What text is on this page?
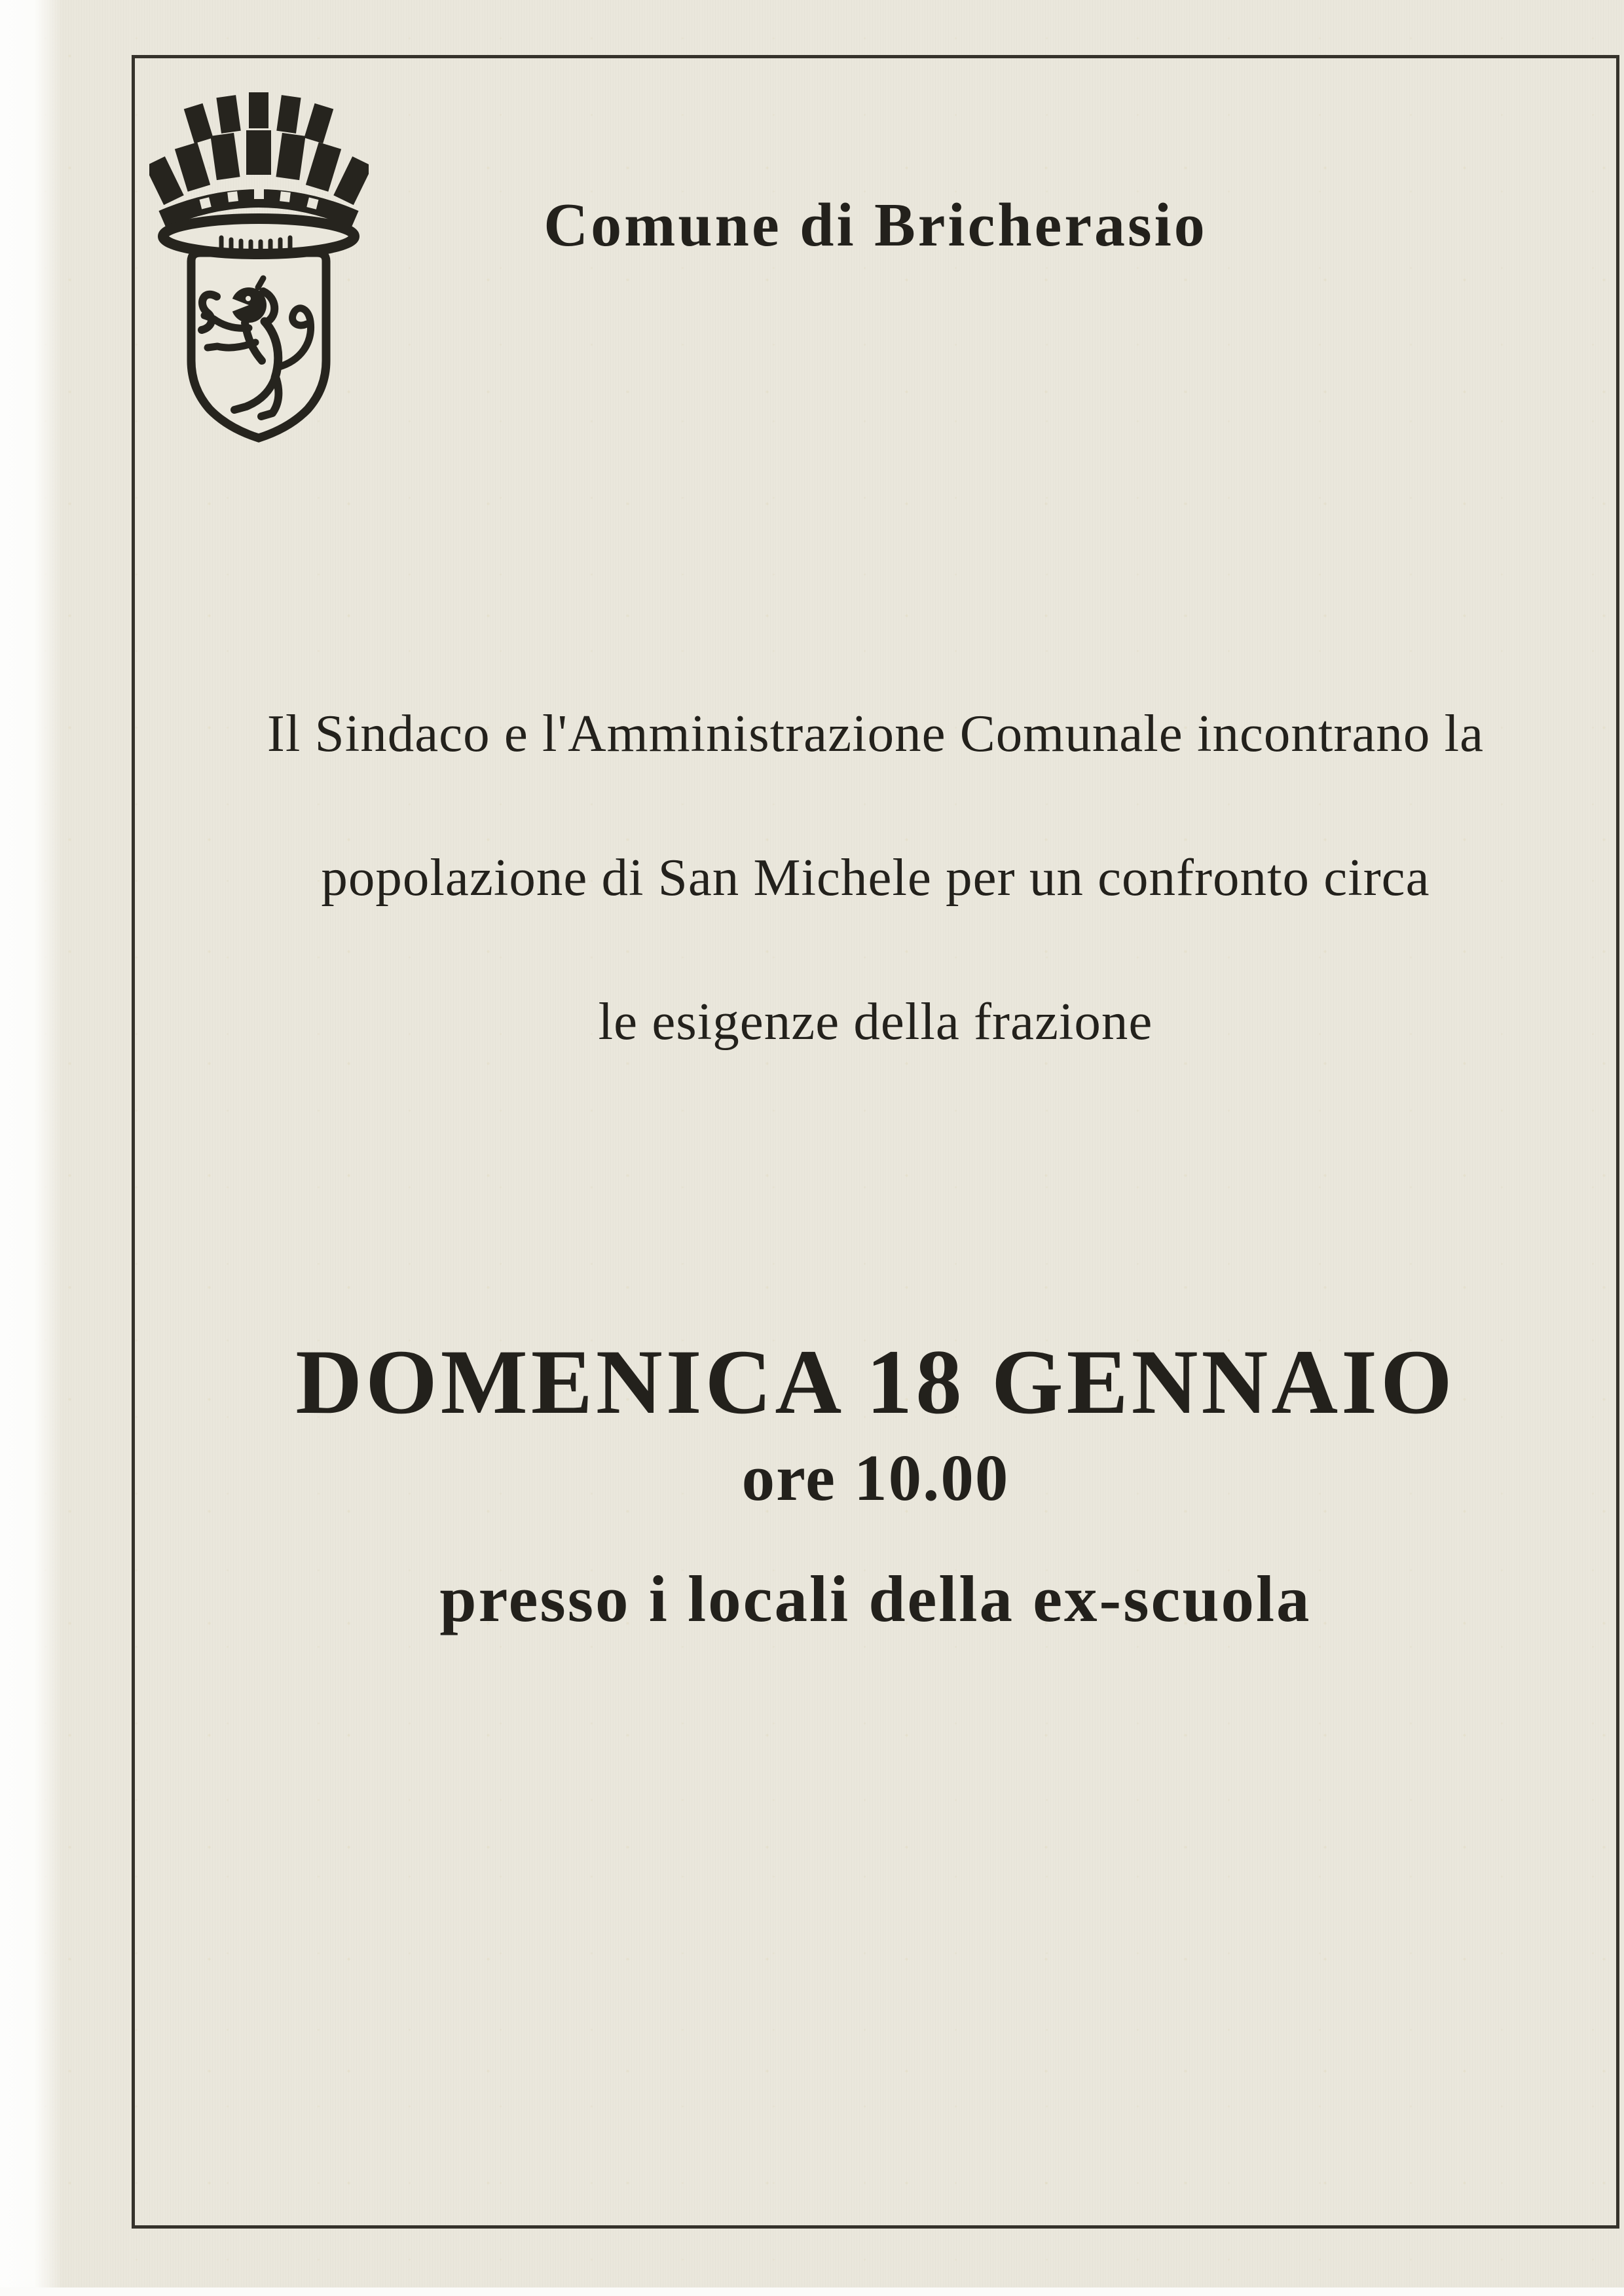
Comune di Bricherasio
Il Sindaco e l'Amministrazione Comunale incontrano la
popolazione di San Michele per un confronto circa
le esigenze della frazione
DOMENICA 18 GENNAIO
ore 10.00
presso i locali della ex-scuola
